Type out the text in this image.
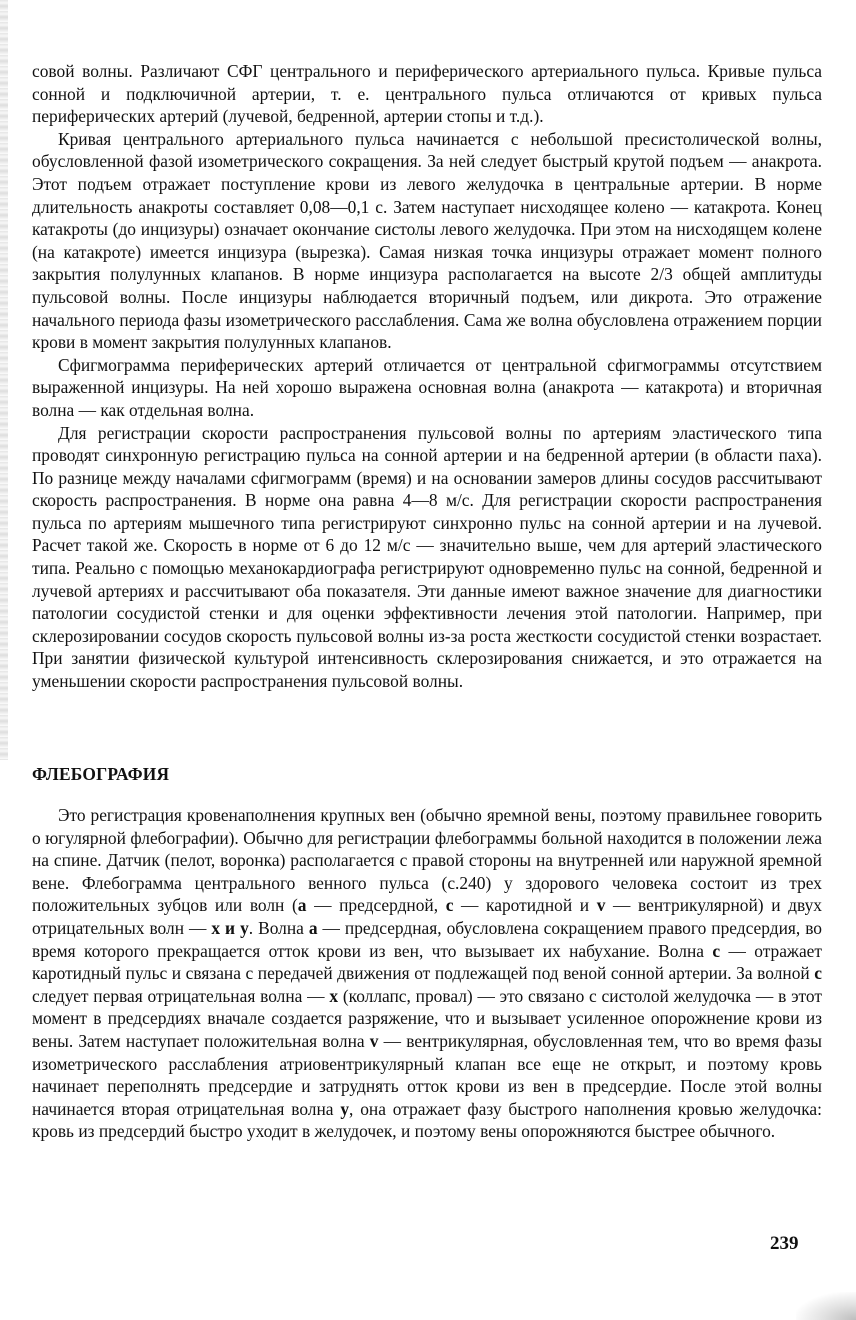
совой волны. Различают СФГ центрального и периферического артериального пульса. Кривые пульса сонной и подключичной артерии, т. е. центрального пульса отличаются от кривых пульса периферических артерий (лучевой, бедренной, артерии стопы и т.д.).

Кривая центрального артериального пульса начинается с небольшой пресистолической волны, обусловленной фазой изометрического сокращения. За ней следует быстрый крутой подъем — анакрота. Этот подъем отражает поступление крови из левого желудочка в центральные артерии. В норме длительность анакроты составляет 0,08—0,1 с. Затем наступает нисходящее колено — катакрота. Конец катакроты (до инцизуры) означает окончание систолы левого желудочка. При этом на нисходящем колене (на катакроте) имеется инцизура (вырезка). Самая низкая точка инцизуры отражает момент полного закрытия полулунных клапанов. В норме инцизура располагается на высоте 2/3 общей амплитуды пульсовой волны. После инцизуры наблюдается вторичный подъем, или дикрота. Это отражение начального периода фазы изометрического расслабления. Сама же волна обусловлена отражением порции крови в момент закрытия полулунных клапанов.

Сфигмограмма периферических артерий отличается от центральной сфигмограммы отсутствием выраженной инцизуры. На ней хорошо выражена основная волна (анакрота — катакрота) и вторичная волна — как отдельная волна.

Для регистрации скорости распространения пульсовой волны по артериям эластического типа проводят синхронную регистрацию пульса на сонной артерии и на бедренной артерии (в области паха). По разнице между началами сфигмограмм (время) и на основании замеров длины сосудов рассчитывают скорость распространения. В норме она равна 4—8 м/с. Для регистрации скорости распространения пульса по артериям мышечного типа регистрируют синхронно пульс на сонной артерии и на лучевой. Расчет такой же. Скорость в норме от 6 до 12 м/с — значительно выше, чем для артерий эластического типа. Реально с помощью механокардиографа регистрируют одновременно пульс на сонной, бедренной и лучевой артериях и рассчитывают оба показателя. Эти данные имеют важное значение для диагностики патологии сосудистой стенки и для оценки эффективности лечения этой патологии. Например, при склерозировании сосудов скорость пульсовой волны из-за роста жесткости сосудистой стенки возрастает. При занятии физической культурой интенсивность склерозирования снижается, и это отражается на уменьшении скорости распространения пульсовой волны.

ФЛЕБОГРАФИЯ

Это регистрация кровенаполнения крупных вен (обычно яремной вены, поэтому правильнее говорить о югулярной флебографии). Обычно для регистрации флебограммы больной находится в положении лежа на спине. Датчик (пелот, воронка) располагается с правой стороны на внутренней или наружной яремной вене. Флебограмма центрального венного пульса (с.240) у здорового человека состоит из трех положительных зубцов или волн (а — предсердной, с — каротидной и v — вентрикулярной) и двух отрицательных волн — х и у. Волна а — предсердная, обусловлена сокращением правого предсердия, во время которого прекращается отток крови из вен, что вызывает их набухание. Волна с — отражает каротидный пульс и связана с передачей движения от подлежащей под веной сонной артерии. За волной с следует первая отрицательная волна — х (коллапс, провал) — это связано с систолой желудочка — в этот момент в предсердиях вначале создается разряжение, что и вызывает усиленное опорожнение крови из вены. Затем наступает положительная волна v — вентрикулярная, обусловленная тем, что во время фазы изометрического расслабления атриовентрикулярный клапан все еще не открыт, и поэтому кровь начинает переполнять предсердие и затруднять отток крови из вен в предсердие. После этой волны начинается вторая отрицательная волна у, она отражает фазу быстрого наполнения кровью желудочка: кровь из предсердий быстро уходит в желудочек, и поэтому вены опорожняются быстрее обычного.

239
